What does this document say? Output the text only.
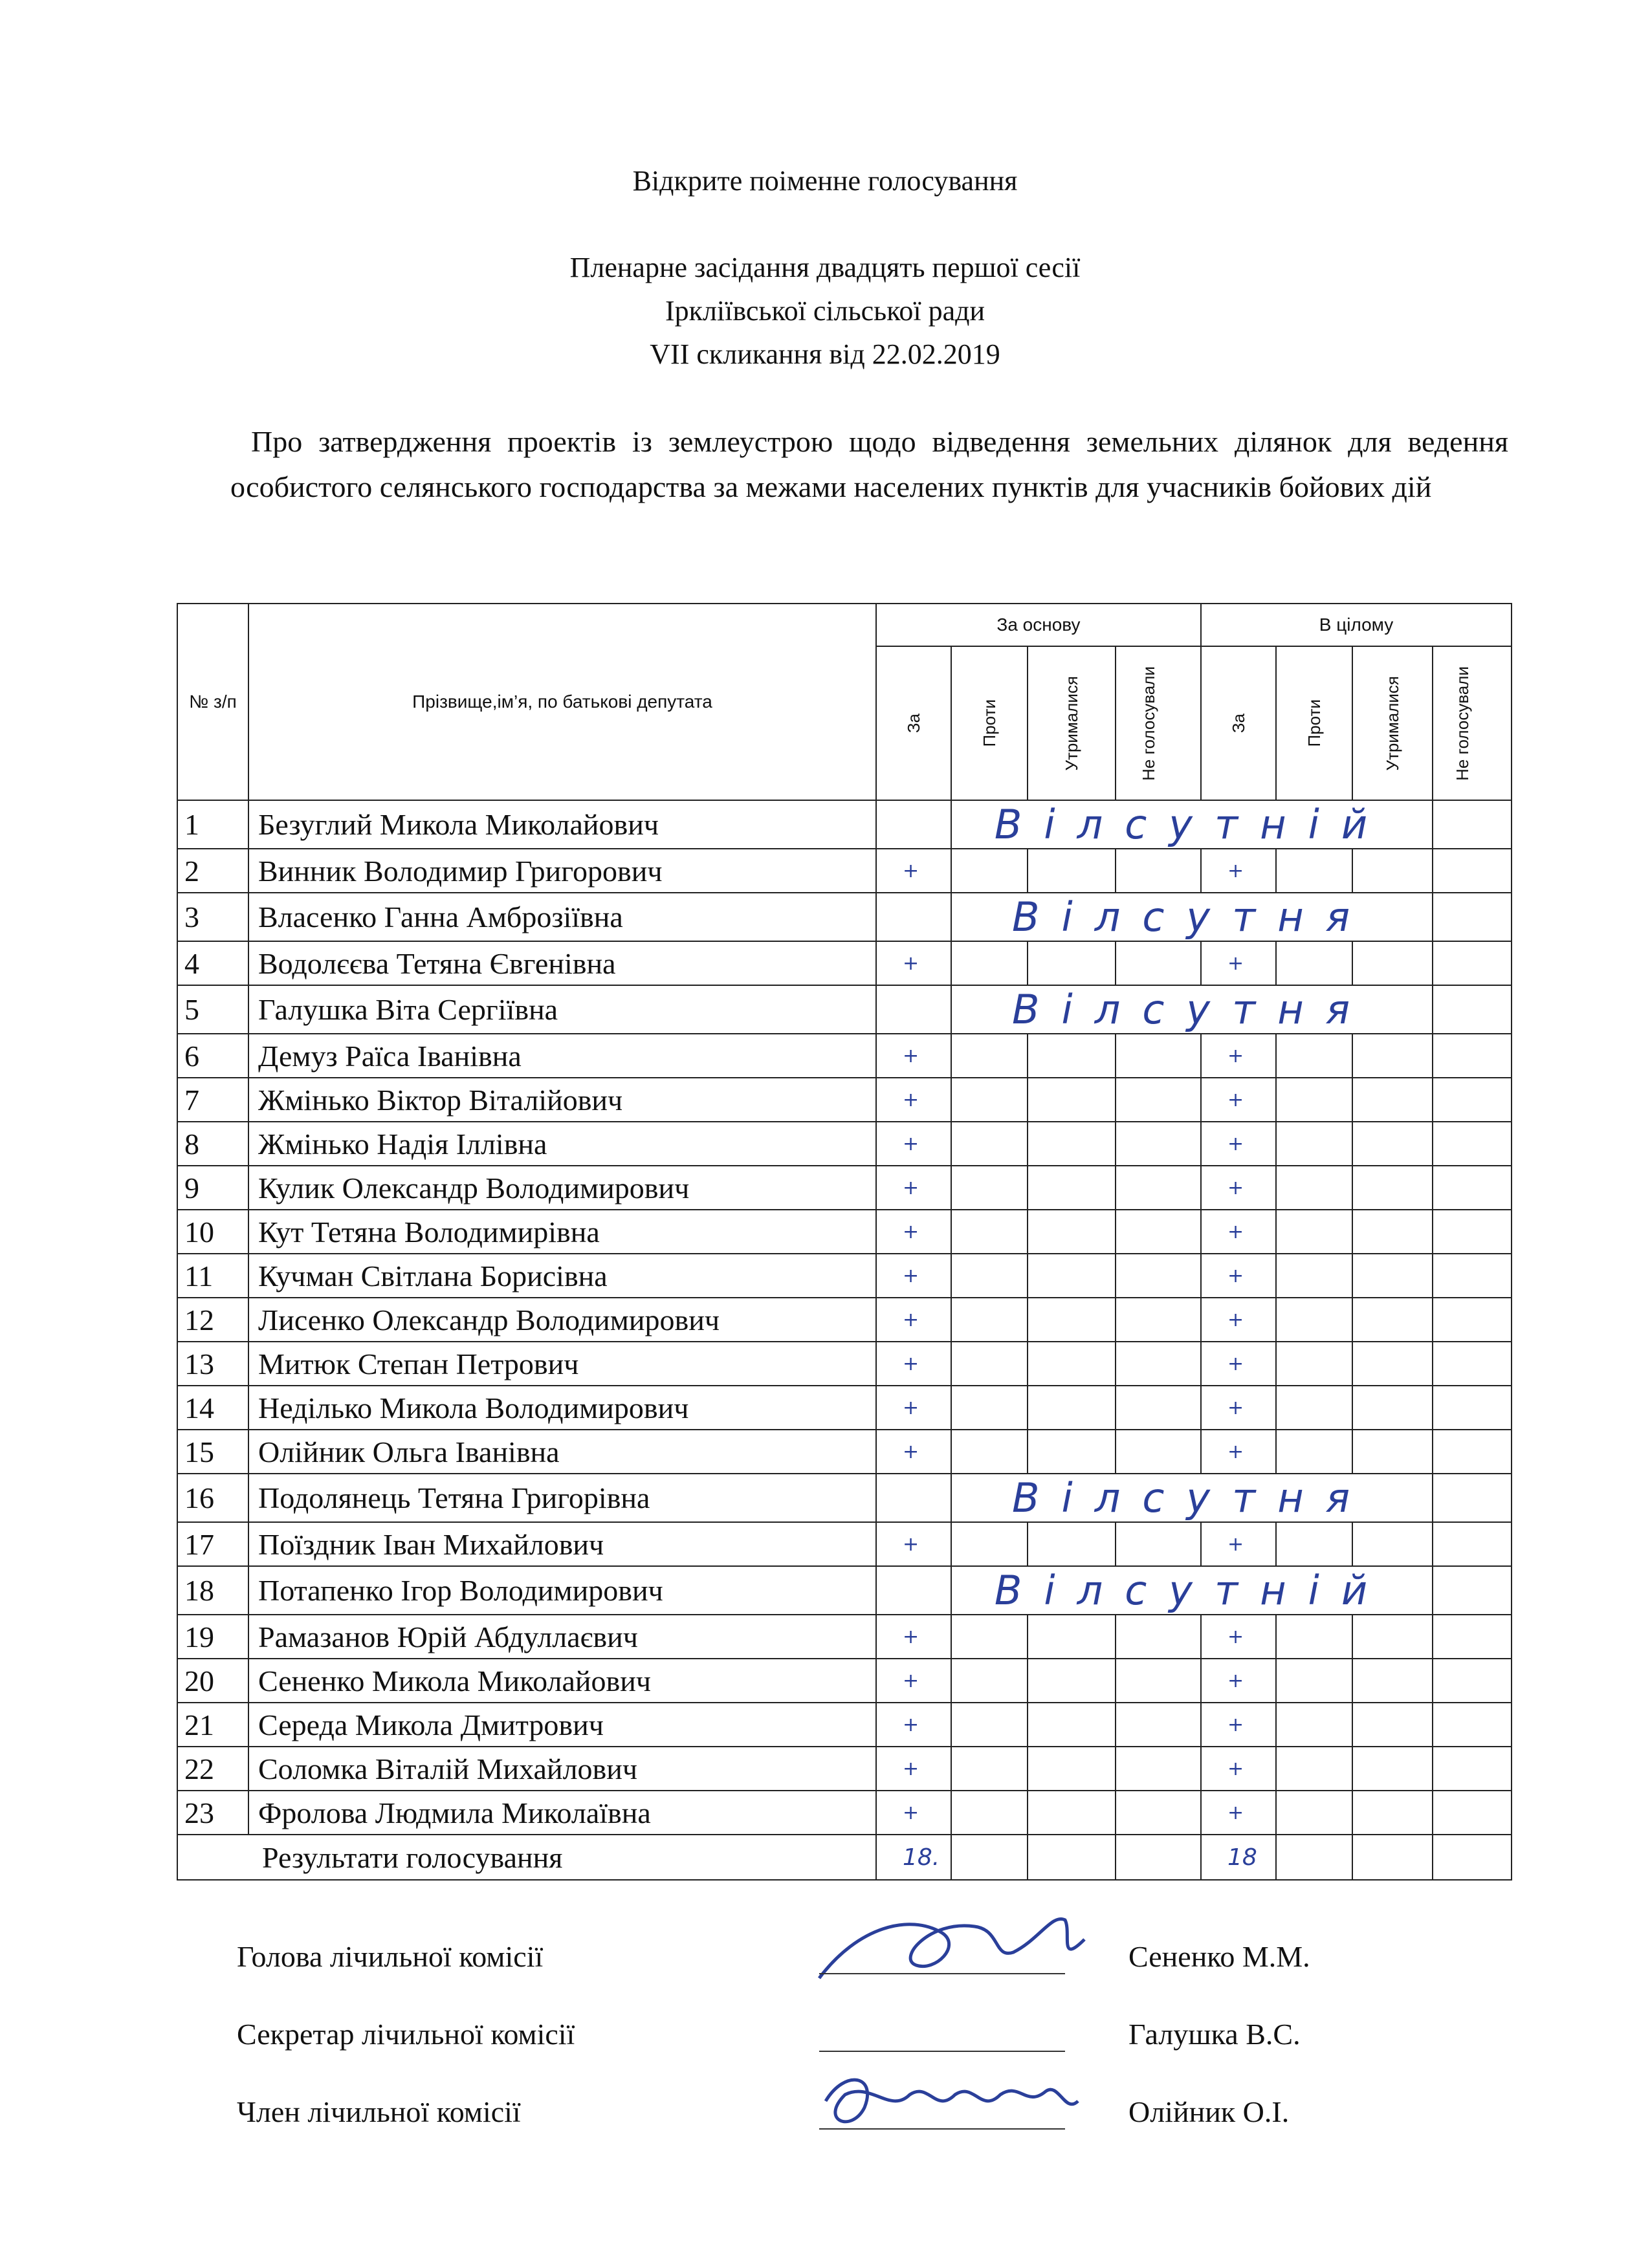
Відкрите поіменне голосування
Пленарне засідання двадцять першої сесії
Ірклiївської сільської ради
VII скликання від 22.02.2019
Про затвердження проектів із землеустрою щодо відведення земельних ділянок для ведення особистого селянського господарства за межами населених пунктів для учасників бойових дій
№ з/п	Прізвище,ім’я, по батькові депутата	За основу				В цілому			

		За	Проти	Утрималися	Не голосували	За	Проти	Утрималися	Не голосували

1	Безуглий Микола Миколайович		Вілсутній						
2	Винник Володимир Григорович	+				+			
3	Власенко Ганна Амброзіївна		Вілсутня						
4	Водолєєва Тетяна Євгенівна	+				+			
5	Галушка Віта Сергіївна		Вілсутня						
6	Демуз Раїса Іванівна	+				+			
7	Жмінько Віктор Віталійович	+				+			
8	Жмінько Надія Іллівна	+				+			
9	Кулик Олександр Володимирович	+				+			
10	Кут Тетяна Володимирівна	+				+			
11	Кучман Світлана Борисівна	+				+			
12	Лисенко Олександр Володимирович	+				+			
13	Митюк Степан Петрович	+				+			
14	Неділько Микола Володимирович	+				+			
15	Олійник Ольга Іванівна	+				+			
16	Подолянець Тетяна Григорівна		Вілсутня						
17	Поїздник Іван Михайлович	+				+			
18	Потапенко Ігор Володимирович		Вілсутній						
19	Рамазанов Юрій Абдуллаєвич	+				+			
20	Сененко Микола Миколайович	+				+			
21	Середа Микола Дмитрович	+				+			
22	Соломка Віталій Михайлович	+				+			
23	Фролова Людмила Миколаївна	+				+			
Результати голосування		18.				18			
Голова лічильної комісії	Сененко М.М.
Секретар лічильної комісії	Галушка В.С.
Член лічильної комісії	Олійник О.І.
